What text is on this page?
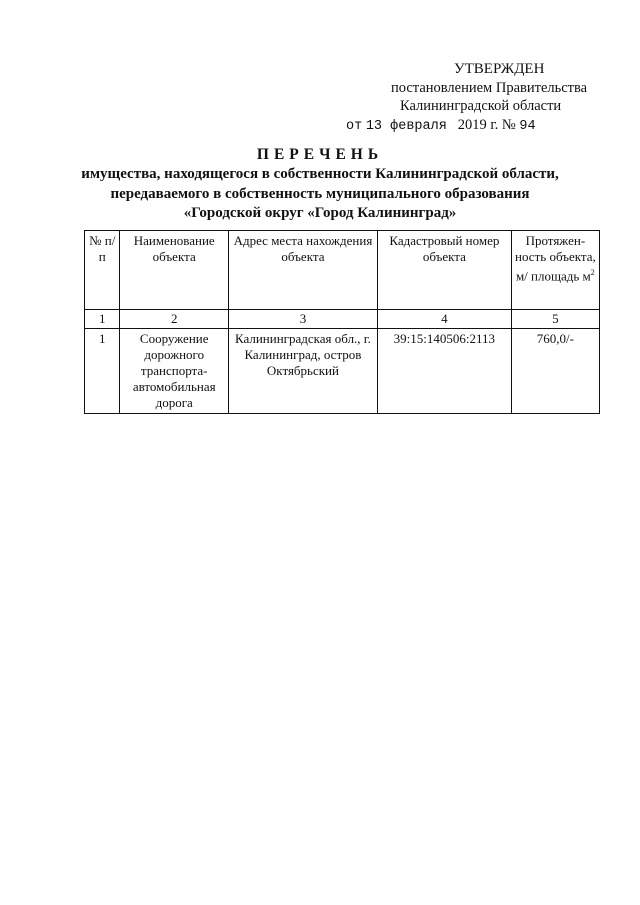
УТВЕРЖДЕН
постановлением Правительства
Калининградской области
от 13 февраля 2019 г. № 94
ПЕРЕЧЕНЬ
имущества, находящегося в собственности Калининградской области,
передаваемого в собственность муниципального образования
«Городской округ «Город Калининград»
№ п/п	Наименование объекта	Адрес места нахождения объекта	Кадастровый номер объекта	Протяжен-ность объекта, м/ площадь $м^2$
1	2	3	4	5
1	Сооружение дорожного транспорта-автомобильная дорога	Калининградская обл., г. Калининград, остров Октябрьский	39:15:140506:2113	760,0/-
